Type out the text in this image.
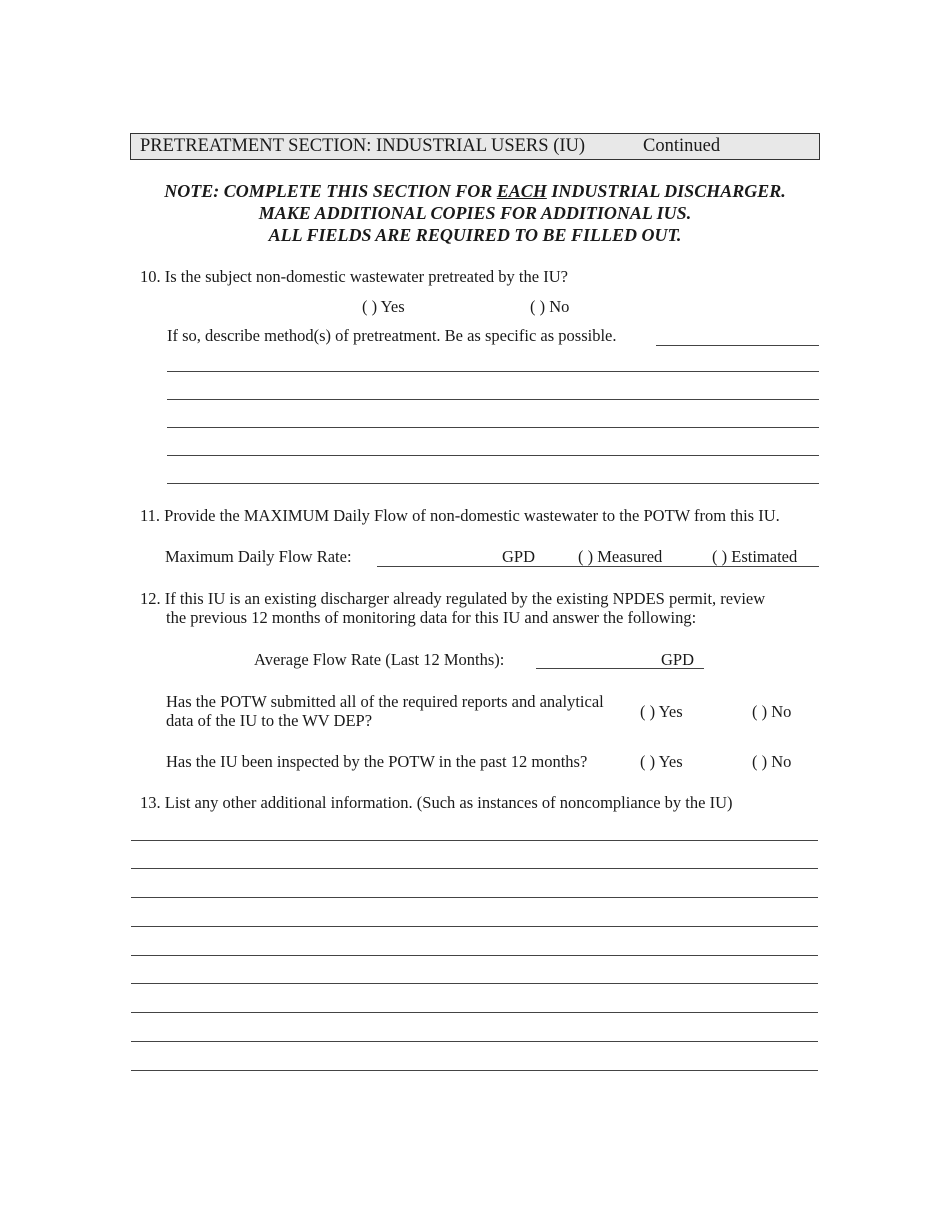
PRETREATMENT SECTION: INDUSTRIAL USERS (IU)	Continued
NOTE: COMPLETE THIS SECTION FOR EACH INDUSTRIAL DISCHARGER.
MAKE ADDITIONAL COPIES FOR ADDITIONAL IUS.
ALL FIELDS ARE REQUIRED TO BE FILLED OUT.
10. Is the subject non-domestic wastewater pretreated by the IU?
( ) Yes	( ) No
If so, describe method(s) of pretreatment. Be as specific as possible.
11. Provide the MAXIMUM Daily Flow of non-domestic wastewater to the POTW from this IU.
Maximum Daily Flow Rate:	GPD	( ) Measured	( ) Estimated
12. If this IU is an existing discharger already regulated by the existing NPDES permit, review
the previous 12 months of monitoring data for this IU and answer the following:
Average Flow Rate (Last 12 Months):	GPD
Has the POTW submitted all of the required reports and analytical
data of the IU to the WV DEP?	( ) Yes	( ) No
Has the IU been inspected by the POTW in the past 12 months?	( ) Yes	( ) No
13. List any other additional information. (Such as instances of noncompliance by the IU)
